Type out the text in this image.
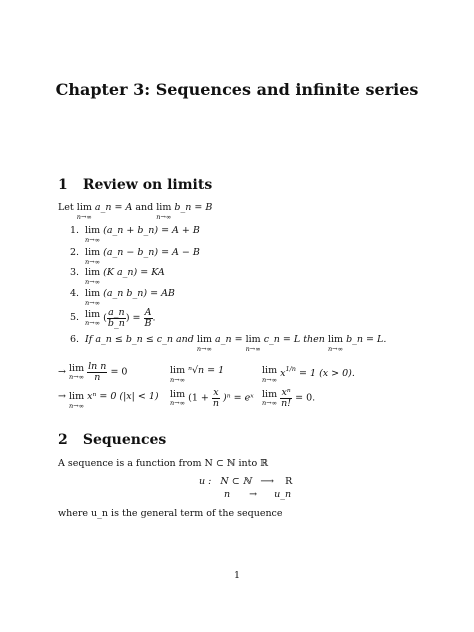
Chapter 3: Sequences and infinite series
1 Review on limits
Let lim
n→∞
a_n = A and lim
n→∞
b_n = B
1. lim
n→∞
(a_n + b_n) = A + B
2. lim
n→∞
(a_n − b_n) = A − B
3. lim
n→∞
(K a_n) = KA
4. lim
n→∞
(a_n b_n) = AB
5. lim
n→∞ ( $\frac{a\_n}{b\_n}$ ) = $\frac{A}{B}$ .
6. If a_n ≤ b_n ≤ c_n and lim
n→∞
a_n = lim
n→∞
c_n = L then lim
n→∞
b_n = L.
→ lim
n→∞
$\frac{\text{ln n}}{n} = 0$	lim
n→∞
ⁿ√n = 1	lim
n→∞
$x^{1/n} = 1$ (x > 0).
→ lim
n→∞
xⁿ = 0 (|x| < 1) lim
n→∞ $(1 + \frac{x}{n} )^n$ = eˣ lim
n→∞
$\frac{\text{xⁿ}}{n!} = 0$.
2 Sequences
A sequence is a function from N ⊂ ℕ into ℝ
u : N ⊂ ℕ ⟶ R
n → u_n
where u_n is the general term of the sequence
1
